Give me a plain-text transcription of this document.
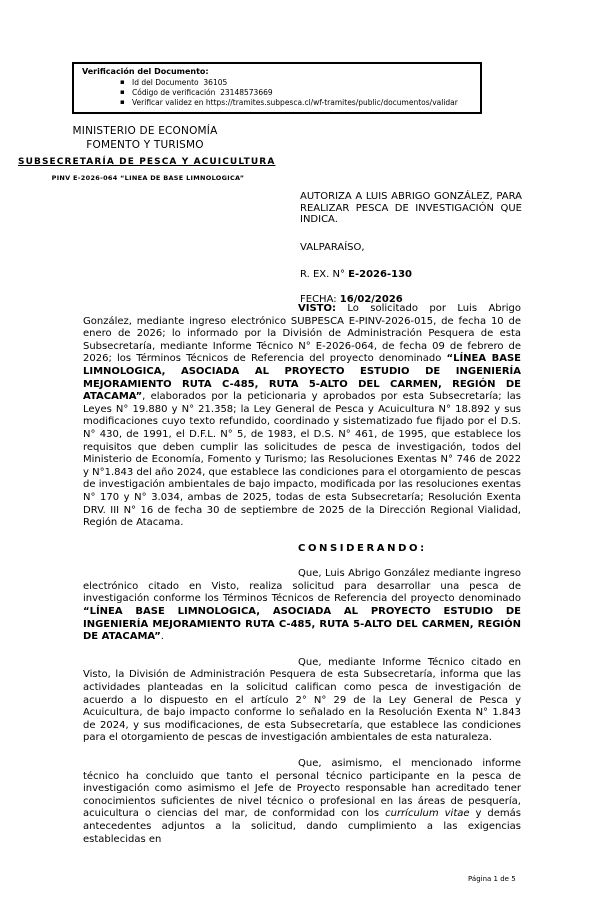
Verificación del Documento:
▪ Id del Documento  36105
▪ Código de verificación  23148573669
▪ Verificar validez en https://tramites.subpesca.cl/wf-tramites/public/documentos/validar
MINISTERIO DE ECONOMÍA
FOMENTO Y TURISMO
SUBSECRETARÍA DE PESCA Y ACUICULTURA
PINV E-2026-064 “LINEA DE BASE LIMNOLOGICA”
AUTORIZA A LUIS ABRIGO GONZÁLEZ, PARA REALIZAR PESCA DE INVESTIGACIÓN QUE INDICA.
VALPARAÍSO,
R. EX. N° E-2026-130
FECHA: 16/02/2026

VISTO: Lo solicitado por Luis Abrigo González, mediante ingreso electrónico SUBPESCA E-PINV-2026-015, de fecha 10 de enero de 2026; lo informado por la División de Administración Pesquera de esta Subsecretaría, mediante Informe Técnico N° E-2026-064, de fecha 09 de febrero de 2026; los Términos Técnicos de Referencia del proyecto denominado “LÍNEA BASE LIMNOLOGICA, ASOCIADA AL PROYECTO ESTUDIO DE INGENIERÍA MEJORAMIENTO RUTA C-485, RUTA 5-ALTO DEL CARMEN, REGIÓN DE ATACAMA”, elaborados por la peticionaria y aprobados por esta Subsecretaría; las Leyes N° 19.880 y N° 21.358; la Ley General de Pesca y Acuicultura N° 18.892 y sus modificaciones cuyo texto refundido, coordinado y sistematizado fue fijado por el D.S. N° 430, de 1991, el D.F.L. N° 5, de 1983, el D.S. N° 461, de 1995, que establece los requisitos que deben cumplir las solicitudes de pesca de investigación, todos del Ministerio de Economía, Fomento y Turismo; las Resoluciones Exentas N° 746 de 2022 y N°1.843 del año 2024, que establece las condiciones para el otorgamiento de pescas de investigación ambientales de bajo impacto, modificada por las resoluciones exentas N° 170 y N° 3.034, ambas de 2025, todas de esta Subsecretaría; Resolución Exenta DRV. III N° 16 de fecha 30 de septiembre de 2025 de la Dirección Regional Vialidad, Región de Atacama.

CONSIDERANDO:

Que, Luis Abrigo González mediante ingreso electrónico citado en Visto, realiza solicitud para desarrollar una pesca de investigación conforme los Términos Técnicos de Referencia del proyecto denominado “LÍNEA BASE LIMNOLOGICA, ASOCIADA AL PROYECTO ESTUDIO DE INGENIERÍA MEJORAMIENTO RUTA C-485, RUTA 5-ALTO DEL CARMEN, REGIÓN DE ATACAMA”.

Que, mediante Informe Técnico citado en Visto, la División de Administración Pesquera de esta Subsecretaría, informa que las actividades planteadas en la solicitud califican como pesca de investigación de acuerdo a lo dispuesto en el artículo 2° N° 29 de la Ley General de Pesca y Acuicultura, de bajo impacto conforme lo señalado en la Resolución Exenta N° 1.843 de 2024, y sus modificaciones, de esta Subsecretaría, que establece las condiciones para el otorgamiento de pescas de investigación ambientales de esta naturaleza.

Que, asimismo, el mencionado informe técnico ha concluido que tanto el personal técnico participante en la pesca de investigación como asimismo el Jefe de Proyecto responsable han acreditado tener conocimientos suficientes de nivel técnico o profesional en las áreas de pesquería, acuicultura o ciencias del mar, de conformidad con los currículum vitae y demás antecedentes adjuntos a la solicitud, dando cumplimiento a las exigencias establecidas en

Página 1 de 5
